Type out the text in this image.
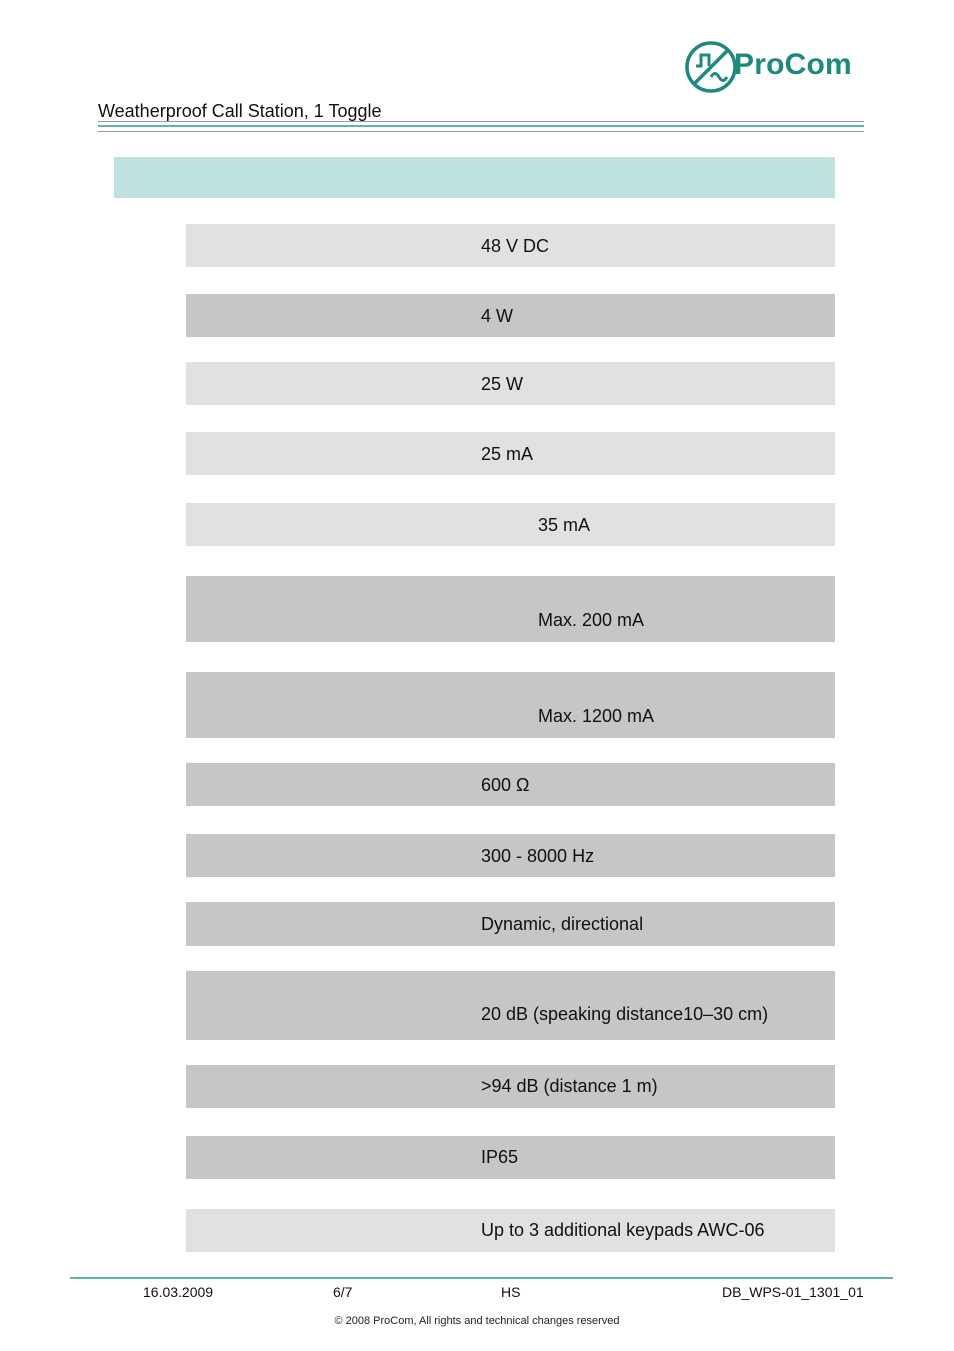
ProCom
Weatherproof Call Station, 1 Toggle
48 V DC
4 W
25 W
25 mA
35 mA
Max. 200 mA
Max. 1200 mA
600 Ω
300 - 8000 Hz
Dynamic, directional
20 dB (speaking distance10–30 cm)
>94 dB (distance 1 m)
IP65
Up to 3 additional keypads AWC-06
16.03.2009	6/7	HS	DB_WPS-01_1301_01
© 2008 ProCom, All rights and technical changes reserved
